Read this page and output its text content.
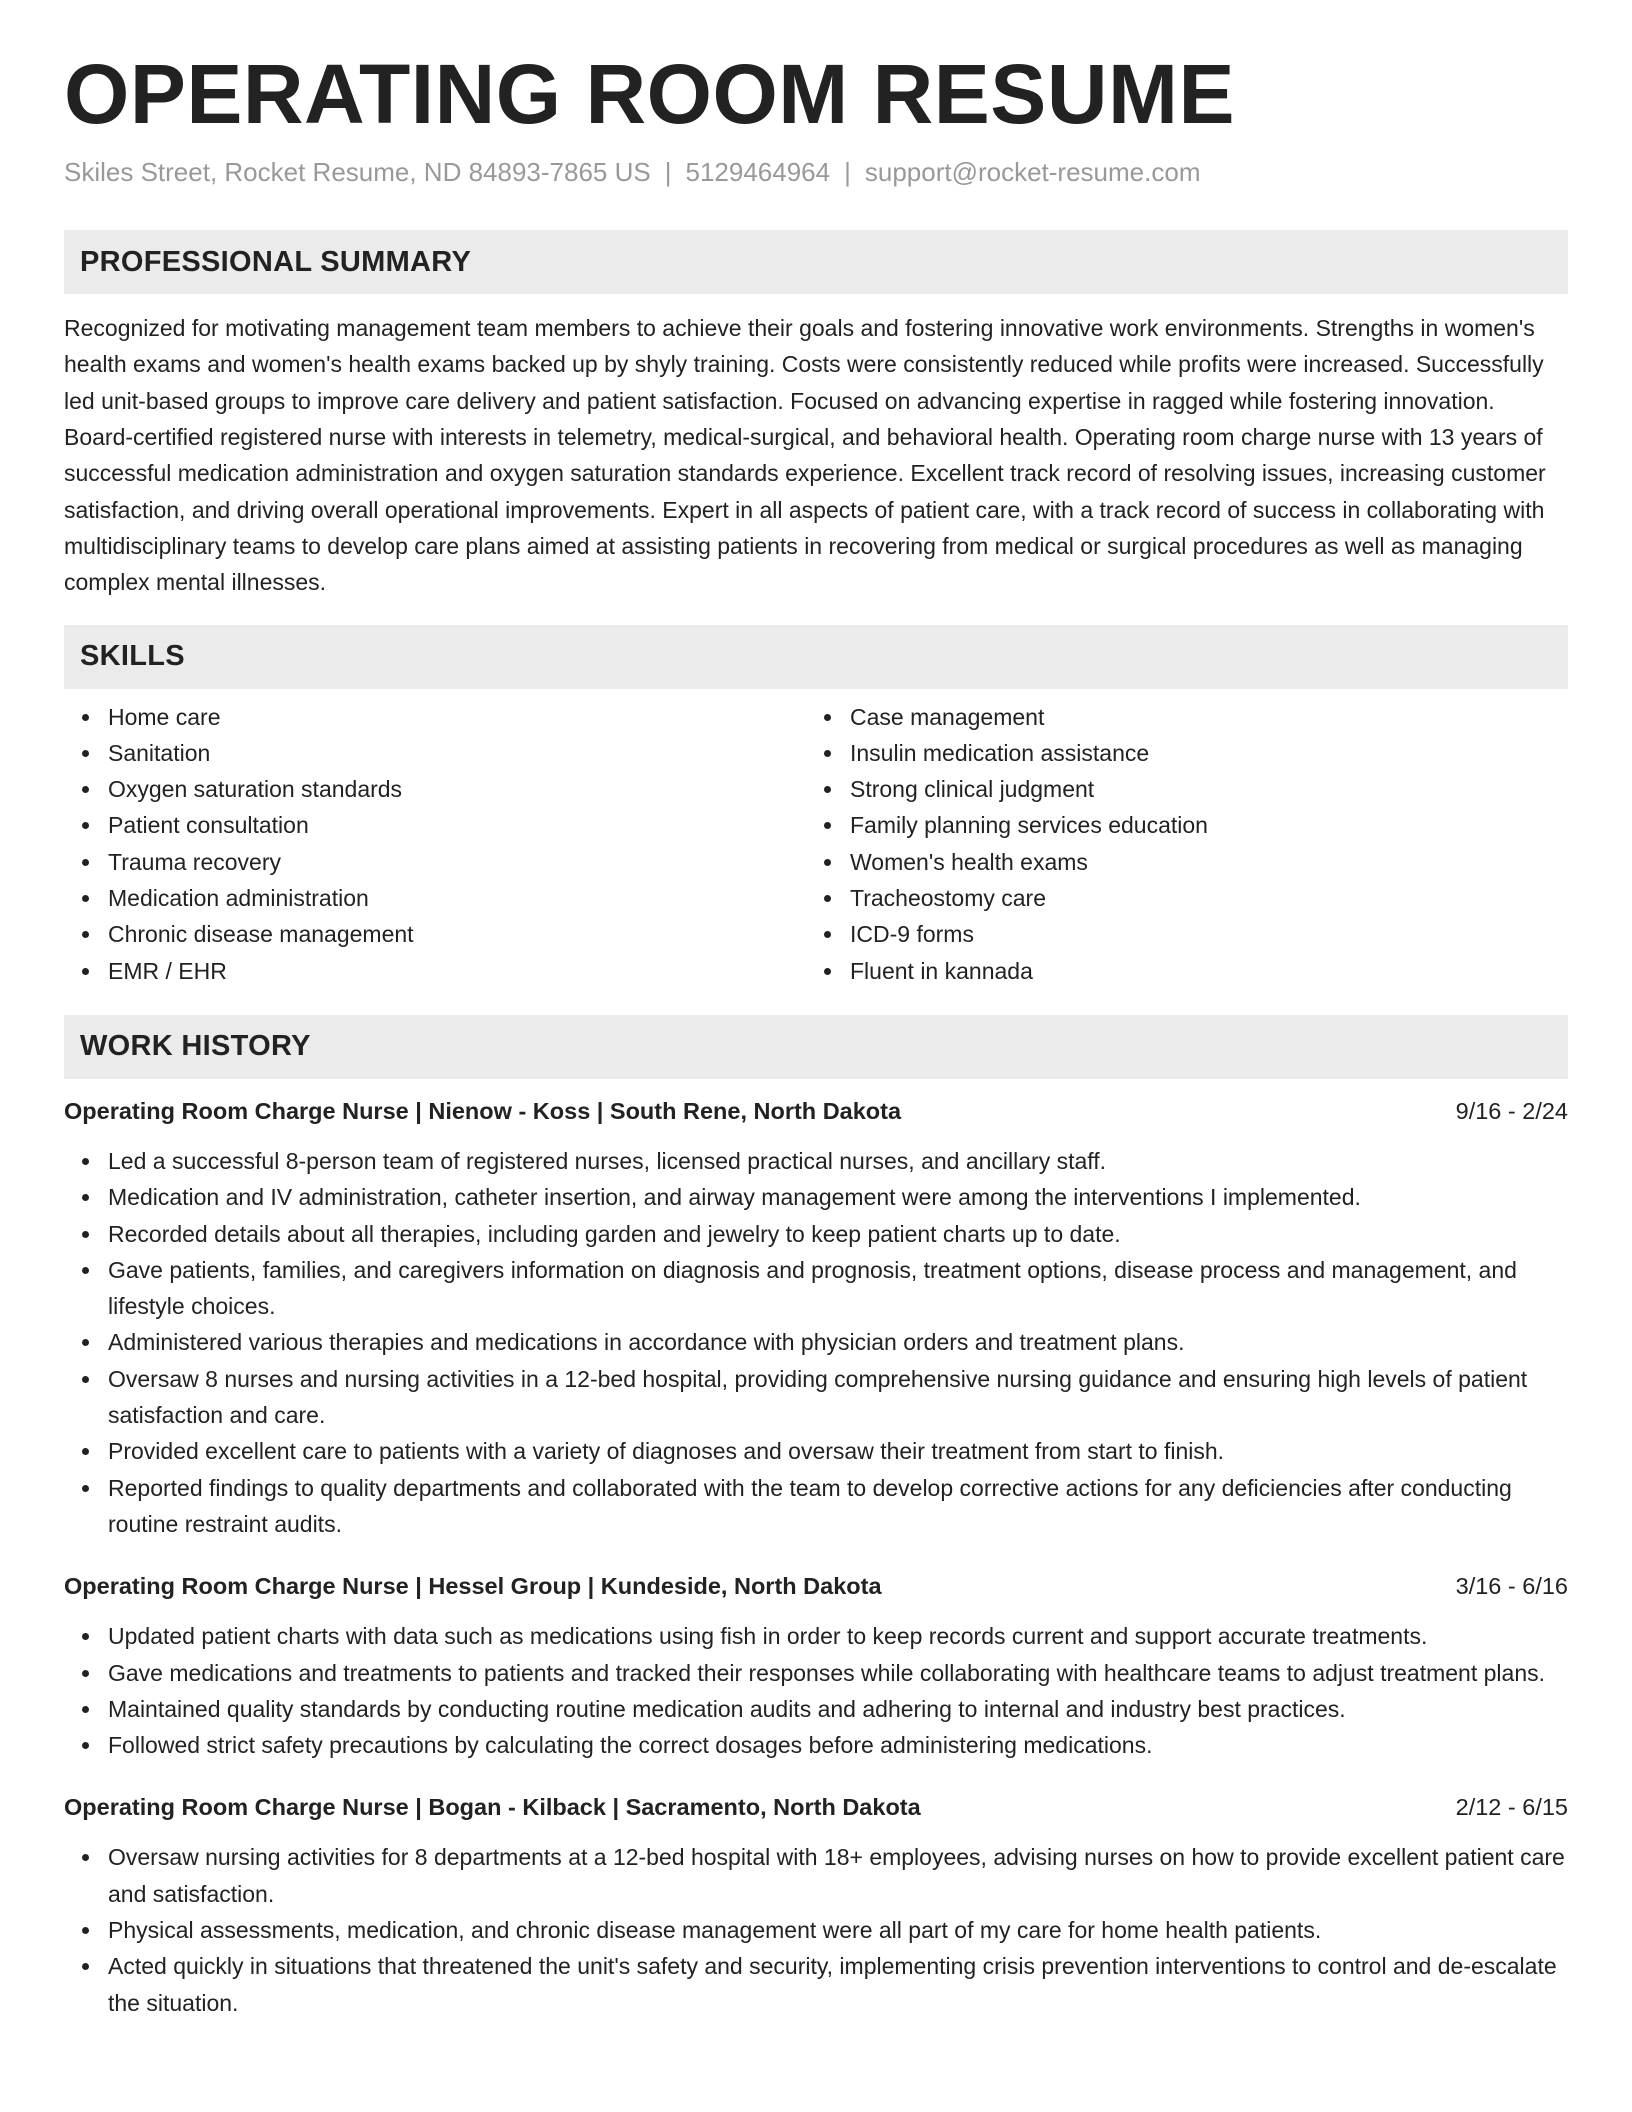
OPERATING ROOM RESUME
Skiles Street, Rocket Resume, ND 84893-7865 US | 5129464964 | support@rocket-resume.com
PROFESSIONAL SUMMARY

Recognized for motivating management team members to achieve their goals and fostering innovative work environments. Strengths in women's health exams and women's health exams backed up by shyly training. Costs were consistently reduced while profits were increased. Successfully led unit-based groups to improve care delivery and patient satisfaction. Focused on advancing expertise in ragged while fostering innovation. Board-certified registered nurse with interests in telemetry, medical-surgical, and behavioral health. Operating room charge nurse with 13 years of successful medication administration and oxygen saturation standards experience. Excellent track record of resolving issues, increasing customer satisfaction, and driving overall operational improvements. Expert in all aspects of patient care, with a track record of success in collaborating with multidisciplinary teams to develop care plans aimed at assisting patients in recovering from medical or surgical procedures as well as managing complex mental illnesses.

SKILLS
Home care
Sanitation
Oxygen saturation standards
Patient consultation
Trauma recovery
Medication administration
Chronic disease management
EMR / EHR
Case management
Insulin medication assistance
Strong clinical judgment
Family planning services education
Women's health exams
Tracheostomy care
ICD-9 forms
Fluent in kannada
WORK HISTORY
Operating Room Charge Nurse | Nienow - Koss | South Rene, North Dakota	9/16 - 2/24
Led a successful 8-person team of registered nurses, licensed practical nurses, and ancillary staff.
Medication and IV administration, catheter insertion, and airway management were among the interventions I implemented.
Recorded details about all therapies, including garden and jewelry to keep patient charts up to date.
Gave patients, families, and caregivers information on diagnosis and prognosis, treatment options, disease process and management, and lifestyle choices.
Administered various therapies and medications in accordance with physician orders and treatment plans.
Oversaw 8 nurses and nursing activities in a 12-bed hospital, providing comprehensive nursing guidance and ensuring high levels of patient satisfaction and care.
Provided excellent care to patients with a variety of diagnoses and oversaw their treatment from start to finish.
Reported findings to quality departments and collaborated with the team to develop corrective actions for any deficiencies after conducting routine restraint audits.
Operating Room Charge Nurse | Hessel Group | Kundeside, North Dakota	3/16 - 6/16
Updated patient charts with data such as medications using fish in order to keep records current and support accurate treatments.
Gave medications and treatments to patients and tracked their responses while collaborating with healthcare teams to adjust treatment plans.
Maintained quality standards by conducting routine medication audits and adhering to internal and industry best practices.
Followed strict safety precautions by calculating the correct dosages before administering medications.
Operating Room Charge Nurse | Bogan - Kilback | Sacramento, North Dakota	2/12 - 6/15
Oversaw nursing activities for 8 departments at a 12-bed hospital with 18+ employees, advising nurses on how to provide excellent patient care and satisfaction.
Physical assessments, medication, and chronic disease management were all part of my care for home health patients.
Acted quickly in situations that threatened the unit's safety and security, implementing crisis prevention interventions to control and de-escalate the situation.
